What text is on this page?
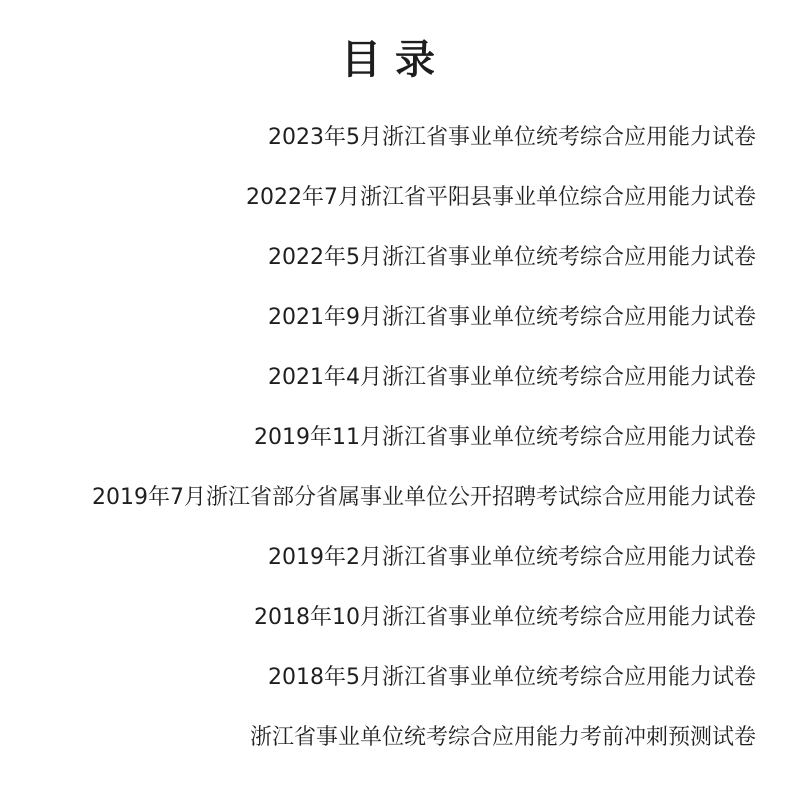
目录
2023年5月浙江省事业单位统考综合应用能力试卷
2022年7月浙江省平阳县事业单位综合应用能力试卷
2022年5月浙江省事业单位统考综合应用能力试卷
2021年9月浙江省事业单位统考综合应用能力试卷
2021年4月浙江省事业单位统考综合应用能力试卷
2019年11月浙江省事业单位统考综合应用能力试卷
2019年7月浙江省部分省属事业单位公开招聘考试综合应用能力试卷
2019年2月浙江省事业单位统考综合应用能力试卷
2018年10月浙江省事业单位统考综合应用能力试卷
2018年5月浙江省事业单位统考综合应用能力试卷
浙江省事业单位统考综合应用能力考前冲刺预测试卷
